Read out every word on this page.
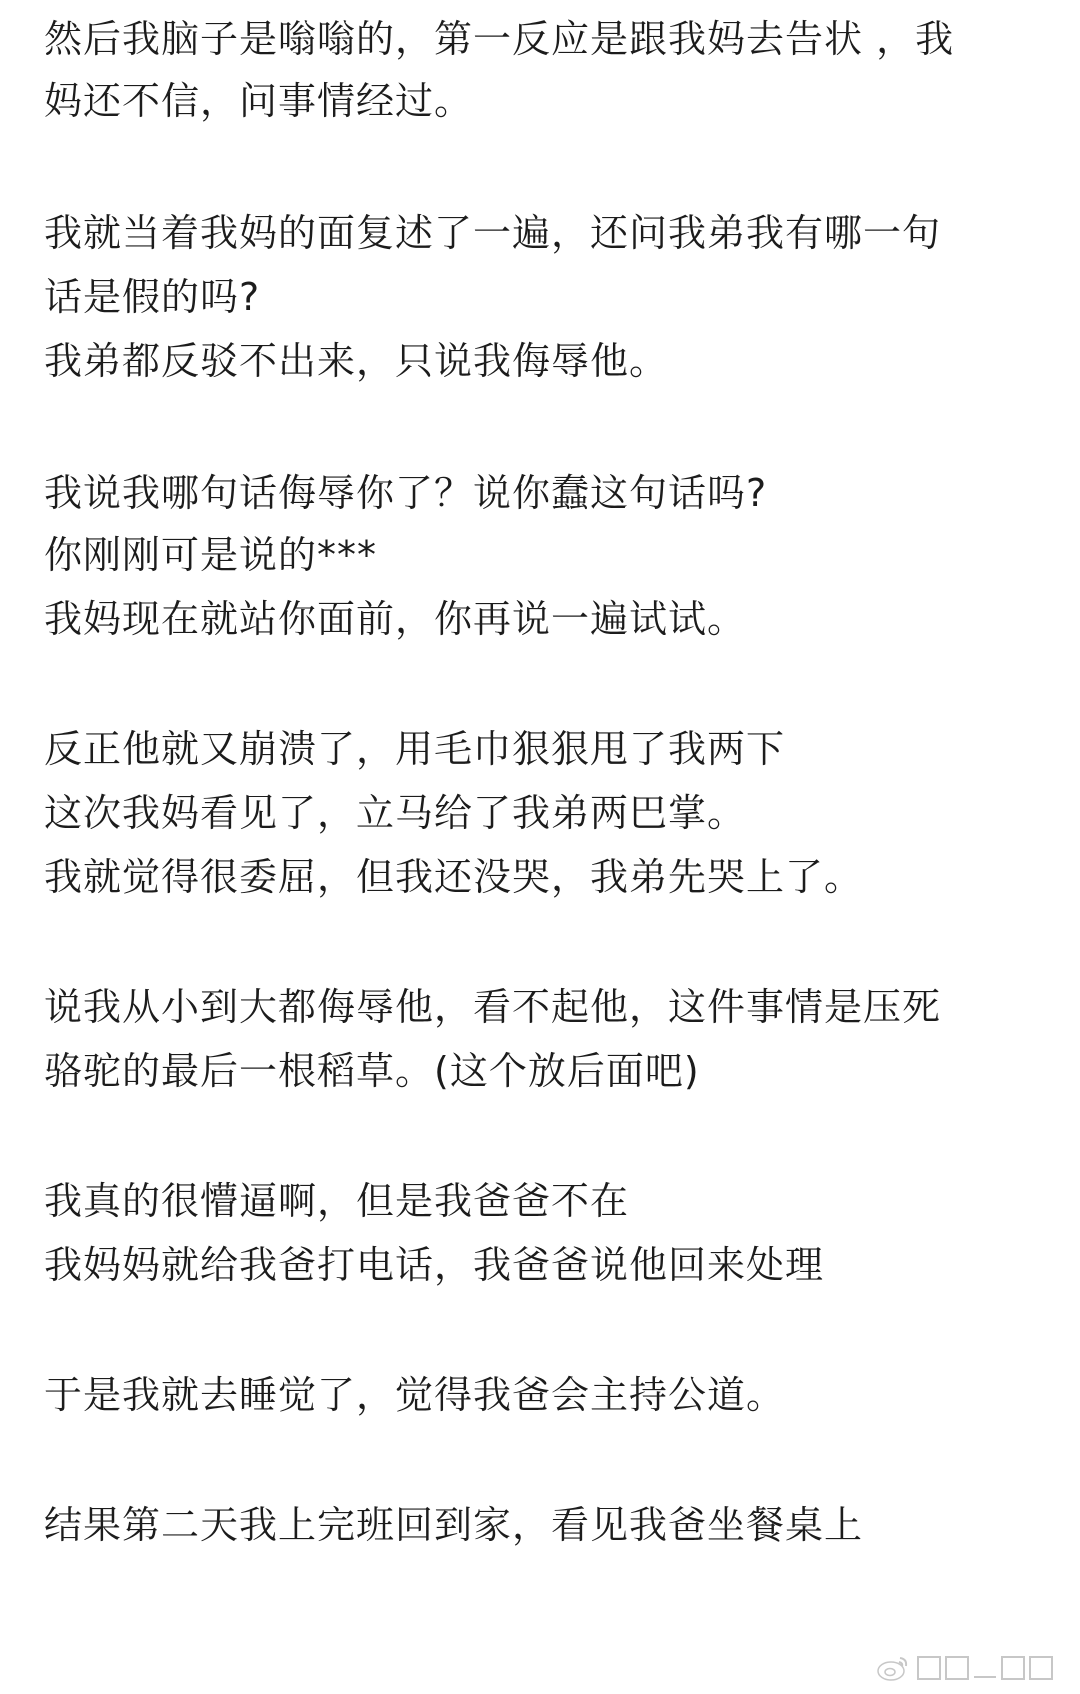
然后我脑子是嗡嗡的，第一反应是跟我妈去告状 ，我
妈还不信，问事情经过。
我就当着我妈的面复述了一遍，还问我弟我有哪一句
话是假的吗?
我弟都反驳不出来，只说我侮辱他。
我说我哪句话侮辱你了？说你蠢这句话吗?
你刚刚可是说的***
我妈现在就站你面前，你再说一遍试试。
反正他就又崩溃了，用毛巾狠狠甩了我两下
这次我妈看见了，立马给了我弟两巴掌。
我就觉得很委屈，但我还没哭，我弟先哭上了。
说我从小到大都侮辱他，看不起他，这件事情是压死
骆驼的最后一根稻草。(这个放后面吧)
我真的很懵逼啊，但是我爸爸不在
我妈妈就给我爸打电话，我爸爸说他回来处理
于是我就去睡觉了，觉得我爸会主持公道。
结果第二天我上完班回到家，看见我爸坐餐桌上
